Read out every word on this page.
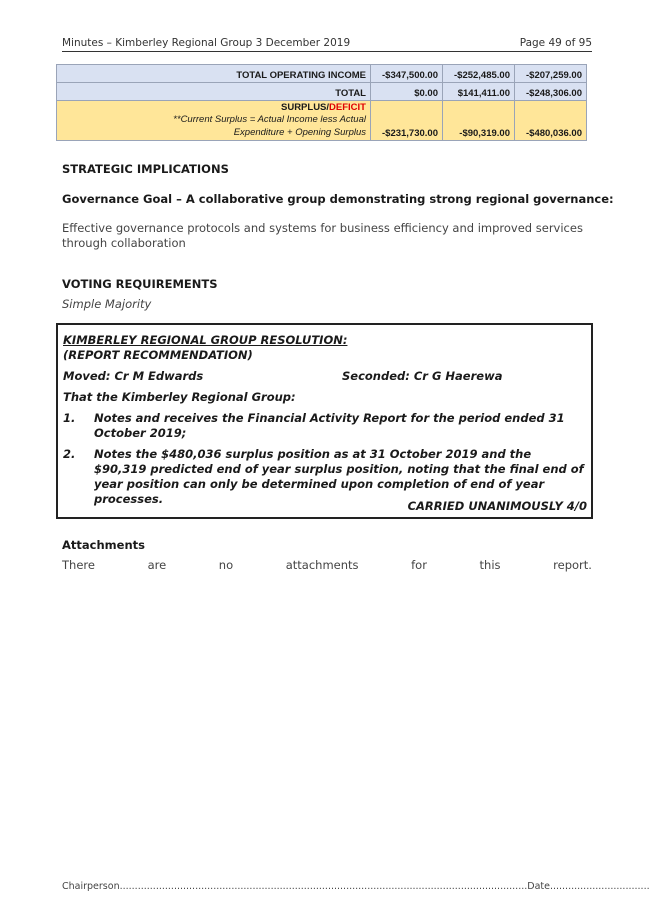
Minutes – Kimberley Regional Group 3 December 2019	Page 49 of 95
TOTAL OPERATING INCOME	-$347,500.00	-$252,485.00	-$207,259.00
TOTAL	$0.00	$141,411.00	-$248,306.00

SURPLUS/DEFICIT
**Current Surplus = Actual Income less Actual
Expenditure + Opening Surplus	-$231,730.00	-$90,319.00	-$480,036.00
STRATEGIC IMPLICATIONS
Governance Goal – A collaborative group demonstrating strong regional governance:
Effective governance protocols and systems for business efficiency and improved services through collaboration
VOTING REQUIREMENTS
Simple Majority
KIMBERLEY REGIONAL GROUP RESOLUTION:
(REPORT RECOMMENDATION)
Moved: Cr M Edwards	Seconded: Cr G Haerewa
That the Kimberley Regional Group:
1. Notes and receives the Financial Activity Report for the period ended 31 October 2019;
2. Notes the $480,036 surplus position as at 31 October 2019 and the $90,319 predicted end of year surplus position, noting that the final end of year position can only be determined upon completion of end of year processes.	CARRIED UNANIMOUSLY 4/0
Attachments
There	are	no	attachments	for	this	report.
Chairperson.......................................................................................................................................Date.................................
